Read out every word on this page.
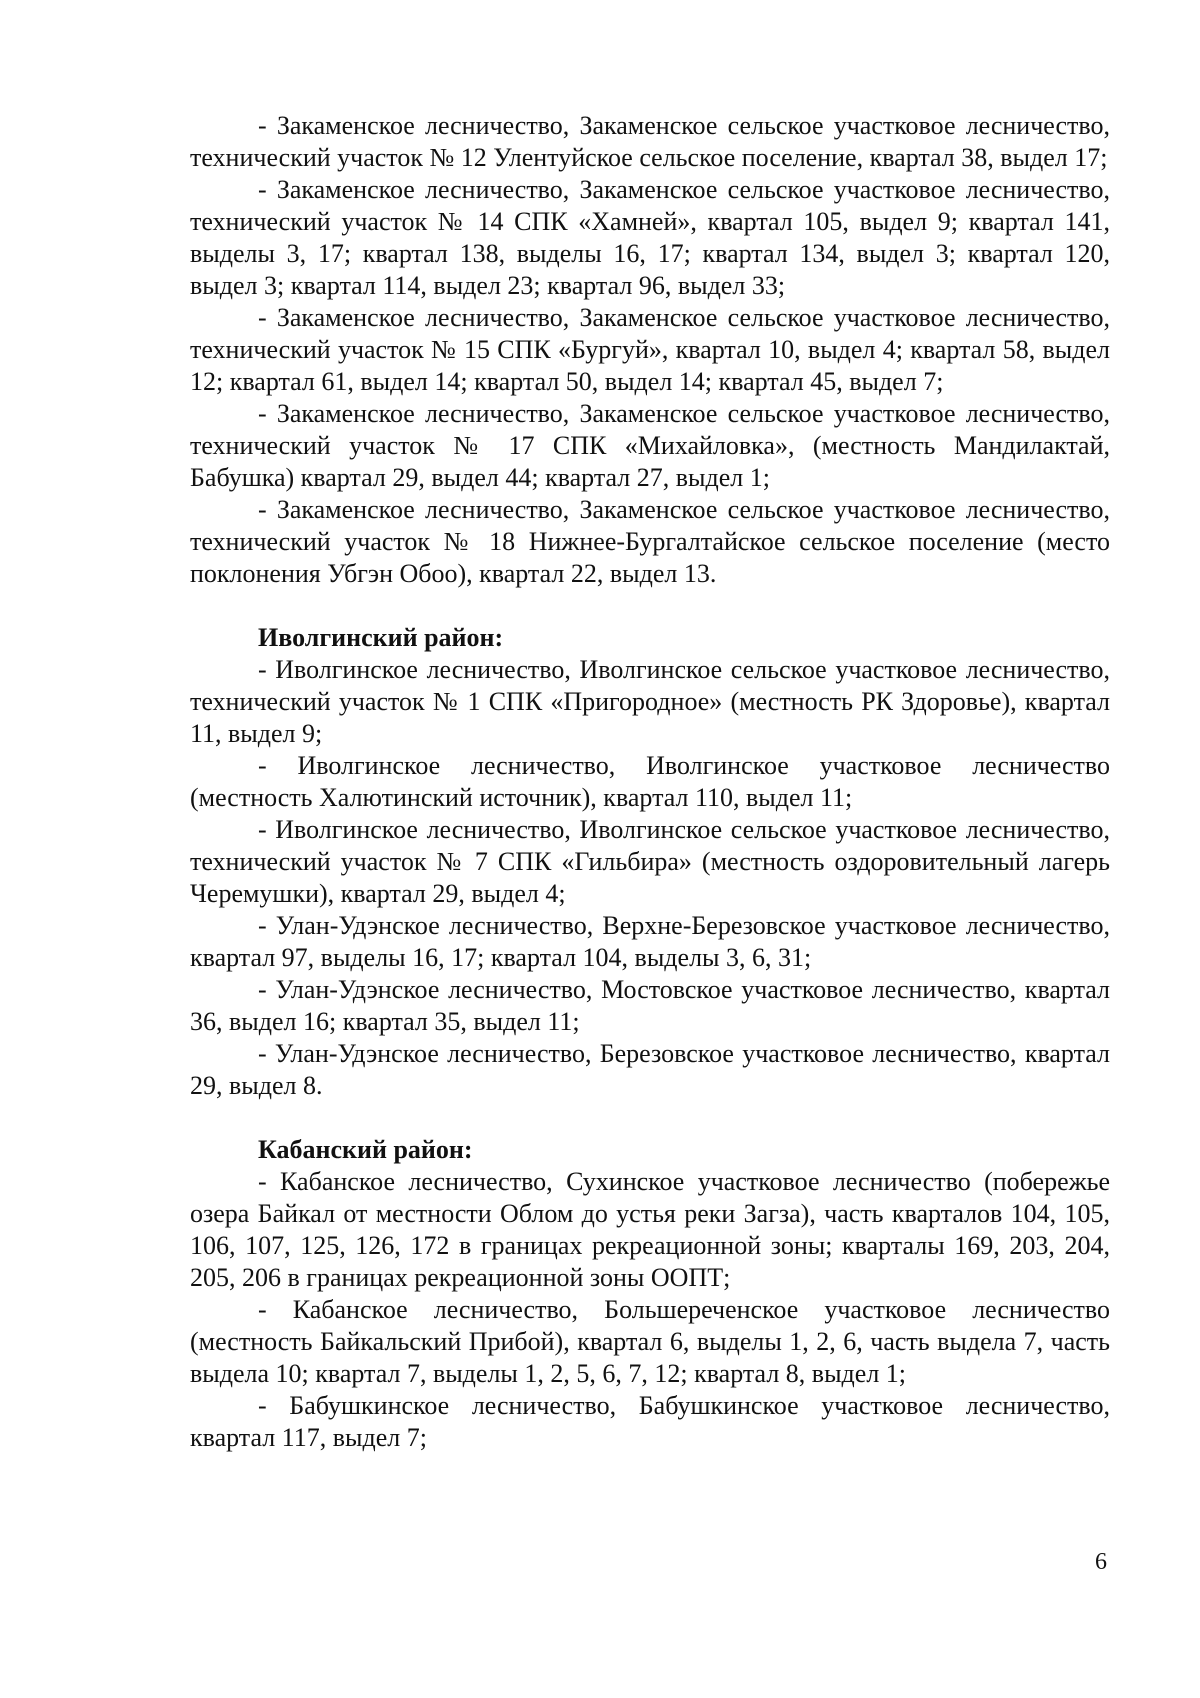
- Закаменское лесничество, Закаменское сельское участковое лесничество, технический участок № 12 Улентуйское сельское поселение, квартал 38, выдел 17;

- Закаменское лесничество, Закаменское сельское участковое лесничество, технический участок № 14 СПК «Хамней», квартал 105, выдел 9; квартал 141, выделы 3, 17; квартал 138, выделы 16, 17; квартал 134, выдел 3; квартал 120, выдел 3; квартал 114, выдел 23; квартал 96, выдел 33;

- Закаменское лесничество, Закаменское сельское участковое лесничество, технический участок № 15 СПК «Бургуй», квартал 10, выдел 4; квартал 58, выдел 12; квартал 61, выдел 14; квартал 50, выдел 14; квартал 45, выдел 7;

- Закаменское лесничество, Закаменское сельское участковое лесничество, технический участок № 17 СПК «Михайловка», (местность Мандилактай, Бабушка) квартал 29, выдел 44; квартал 27, выдел 1;

- Закаменское лесничество, Закаменское сельское участковое лесничество, технический участок № 18 Нижнее-Бургалтайское сельское поселение (место поклонения Убгэн Обоо), квартал 22, выдел 13.

Иволгинский район:

- Иволгинское лесничество, Иволгинское сельское участковое лесничество, технический участок № 1 СПК «Пригородное» (местность РК Здоровье), квартал 11, выдел 9;

- Иволгинское лесничество, Иволгинское участковое лесничество (местность Халютинский источник), квартал 110, выдел 11;

- Иволгинское лесничество, Иволгинское сельское участковое лесничество, технический участок № 7 СПК «Гильбира» (местность оздоровительный лагерь Черемушки), квартал 29, выдел 4;

- Улан-Удэнское лесничество, Верхне-Березовское участковое лесничество, квартал 97, выделы 16, 17; квартал 104, выделы 3, 6, 31;

- Улан-Удэнское лесничество, Мостовское участковое лесничество, квартал 36, выдел 16; квартал 35, выдел 11;

- Улан-Удэнское лесничество, Березовское участковое лесничество, квартал 29, выдел 8.

Кабанский район:

- Кабанское лесничество, Сухинское участковое лесничество (побережье озера Байкал от местности Облом до устья реки Загза), часть кварталов 104, 105, 106, 107, 125, 126, 172 в границах рекреационной зоны; кварталы 169, 203, 204, 205, 206 в границах рекреационной зоны ООПТ;

- Кабанское лесничество, Большереченское участковое лесничество (местность Байкальский Прибой), квартал 6, выделы 1, 2, 6, часть выдела 7, часть выдела 10; квартал 7, выделы 1, 2, 5, 6, 7, 12; квартал 8, выдел 1;

- Бабушкинское лесничество, Бабушкинское участковое лесничество, квартал 117, выдел 7;

6
